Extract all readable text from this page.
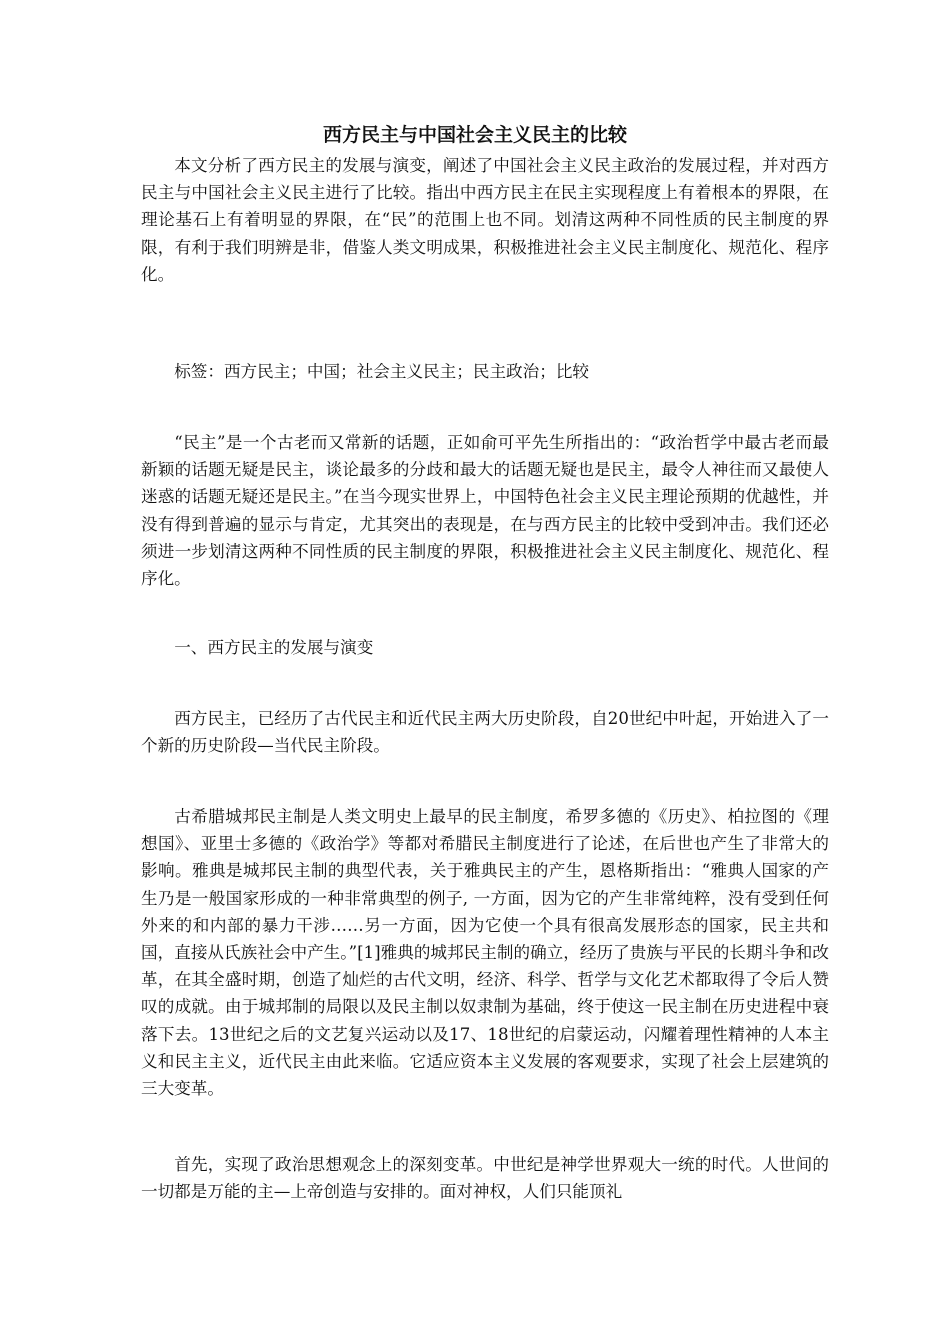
西方民主与中国社会主义民主的比较

本文分析了西方民主的发展与演变，阐述了中国社会主义民主政治的发展过程，并对西方民主与中国社会主义民主进行了比较。指出中西方民主在民主实现程度上有着根本的界限，在理论基石上有着明显的界限，在“民”的范围上也不同。划清这两种不同性质的民主制度的界限，有利于我们明辨是非，借鉴人类文明成果，积极推进社会主义民主制度化、规范化、程序化。

标签：西方民主；中国；社会主义民主；民主政治；比较

“民主”是一个古老而又常新的话题，正如俞可平先生所指出的：“政治哲学中最古老而最新颖的话题无疑是民主，谈论最多的分歧和最大的话题无疑也是民主，最令人神往而又最使人迷惑的话题无疑还是民主。”在当今现实世界上，中国特色社会主义民主理论预期的优越性，并没有得到普遍的显示与肯定，尤其突出的表现是，在与西方民主的比较中受到冲击。我们还必须进一步划清这两种不同性质的民主制度的界限，积极推进社会主义民主制度化、规范化、程序化。

一、西方民主的发展与演变

西方民主，已经历了古代民主和近代民主两大历史阶段，自20世纪中叶起，开始进入了一个新的历史阶段—当代民主阶段。

古希腊城邦民主制是人类文明史上最早的民主制度，希罗多德的《历史》、柏拉图的《理想国》、亚里士多德的《政治学》等都对希腊民主制度进行了论述，在后世也产生了非常大的影响。雅典是城邦民主制的典型代表，关于雅典民主的产生，恩格斯指出：“雅典人国家的产生乃是一般国家形成的一种非常典型的例子, 一方面，因为它的产生非常纯粹，没有受到任何外来的和内部的暴力干涉……另一方面，因为它使一个具有很高发展形态的国家，民主共和国，直接从氏族社会中产生。”[1]雅典的城邦民主制的确立，经历了贵族与平民的长期斗争和改革，在其全盛时期，创造了灿烂的古代文明，经济、科学、哲学与文化艺术都取得了令后人赞叹的成就。由于城邦制的局限以及民主制以奴隶制为基础，终于使这一民主制在历史进程中衰落下去。13世纪之后的文艺复兴运动以及17、18世纪的启蒙运动，闪耀着理性精神的人本主义和民主主义，近代民主由此来临。它适应资本主义发展的客观要求，实现了社会上层建筑的三大变革。

首先，实现了政治思想观念上的深刻变革。中世纪是神学世界观大一统的时代。人世间的一切都是万能的主—上帝创造与安排的。面对神权，人们只能顶礼
